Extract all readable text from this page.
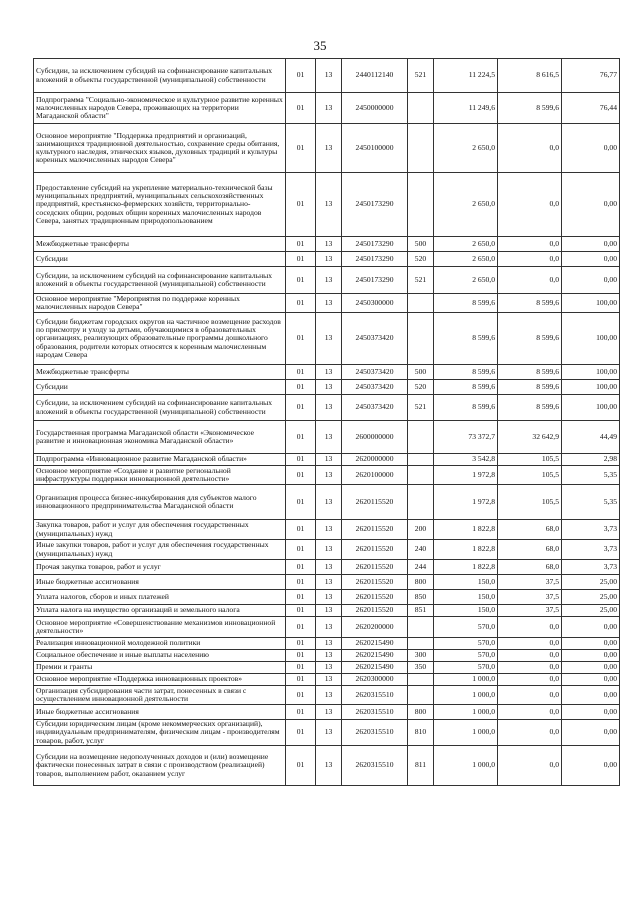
35
Субсидии, за исключением субсидий на софинансирование капитальных вложений в объекты государственной (муниципальной) собственности	01	13	2440112140	521	11 224,5	8 616,5	76,77
Подпрограмма "Социально-экономическое и культурное развитие коренных малочисленных народов Севера, проживающих на территории Магаданской области"	01	13	2450000000		11 249,6	8 599,6	76,44
Основное мероприятие "Поддержка предприятий и организаций, занимающихся традиционной деятельностью, сохранение среды обитания, культурного наследия, этнических языков, духовных традиций и культуры коренных малочисленных народов Севера"	01	13	2450100000		2 650,0	0,0	0,00
Предоставление субсидий на укрепление материально-технической базы муниципальных предприятий, муниципальных сельскохозяйственных предприятий, крестьянско-фермерских хозяйств, территориально-соседских общин, родовых общин коренных малочисленных народов Севера, занятых традиционным природопользованием	01	13	2450173290		2 650,0	0,0	0,00
Межбюджетные трансферты	01	13	2450173290	500	2 650,0	0,0	0,00
Субсидии	01	13	2450173290	520	2 650,0	0,0	0,00
Субсидии, за исключением субсидий на софинансирование капитальных вложений в объекты государственной (муниципальной) собственности	01	13	2450173290	521	2 650,0	0,0	0,00
Основное мероприятие "Мероприятия по поддержке коренных малочисленных народов Севера"	01	13	2450300000		8 599,6	8 599,6	100,00
Субсидии бюджетам городских округов на частичное возмещение расходов по присмотру и уходу за детьми, обучающимися в образовательных организациях, реализующих образовательные программы дошкольного образования, родители которых относятся к коренным малочисленным народам Севера	01	13	2450373420		8 599,6	8 599,6	100,00
Межбюджетные трансферты	01	13	2450373420	500	8 599,6	8 599,6	100,00
Субсидии	01	13	2450373420	520	8 599,6	8 599,6	100,00
Субсидии, за исключением субсидий на софинансирование капитальных вложений в объекты государственной (муниципальной) собственности	01	13	2450373420	521	8 599,6	8 599,6	100,00
Государственная программа Магаданской области «Экономическое развитие и инновационная экономика Магаданской области»	01	13	2600000000		73 372,7	32 642,9	44,49
Подпрограмма «Инновационное развитие Магаданской области»	01	13	2620000000		3 542,8	105,5	2,98
Основное мероприятие «Создание и развитие региональной инфраструктуры поддержки инновационной деятельности»	01	13	2620100000		1 972,8	105,5	5,35
Организация процесса бизнес-инкубирования для субъектов малого инновационного предпринимательства Магаданской области	01	13	2620115520		1 972,8	105,5	5,35
Закупка товаров, работ и услуг для обеспечения государственных (муниципальных) нужд	01	13	2620115520	200	1 822,8	68,0	3,73
Иные закупки товаров, работ и услуг для обеспечения государственных (муниципальных) нужд	01	13	2620115520	240	1 822,8	68,0	3,73
Прочая закупка товаров, работ и услуг	01	13	2620115520	244	1 822,8	68,0	3,73
Иные бюджетные ассигнования	01	13	2620115520	800	150,0	37,5	25,00
Уплата налогов, сборов и иных платежей	01	13	2620115520	850	150,0	37,5	25,00
Уплата налога на имущество организаций и земельного налога	01	13	2620115520	851	150,0	37,5	25,00
Основное мероприятие «Совершенствование механизмов инновационной деятельности»	01	13	2620200000		570,0	0,0	0,00
Реализация инновационной молодежной политики	01	13	2620215490		570,0	0,0	0,00
Социальное обеспечение и иные выплаты населению	01	13	2620215490	300	570,0	0,0	0,00
Премии и гранты	01	13	2620215490	350	570,0	0,0	0,00
Основное мероприятие «Поддержка инновационных проектов»	01	13	2620300000		1 000,0	0,0	0,00
Организация субсидирования части затрат, понесенных в связи с осуществлением инновационной деятельности	01	13	2620315510		1 000,0	0,0	0,00
Иные бюджетные ассигнования	01	13	2620315510	800	1 000,0	0,0	0,00
Субсидии юридическим лицам (кроме некоммерческих организаций), индивидуальным предпринимателям, физическим лицам - производителям товаров, работ, услуг	01	13	2620315510	810	1 000,0	0,0	0,00
Субсидии на возмещение недополученных доходов и (или) возмещение фактически понесенных затрат в связи с производством (реализацией) товаров, выполнением работ, оказанием услуг	01	13	2620315510	811	1 000,0	0,0	0,00
